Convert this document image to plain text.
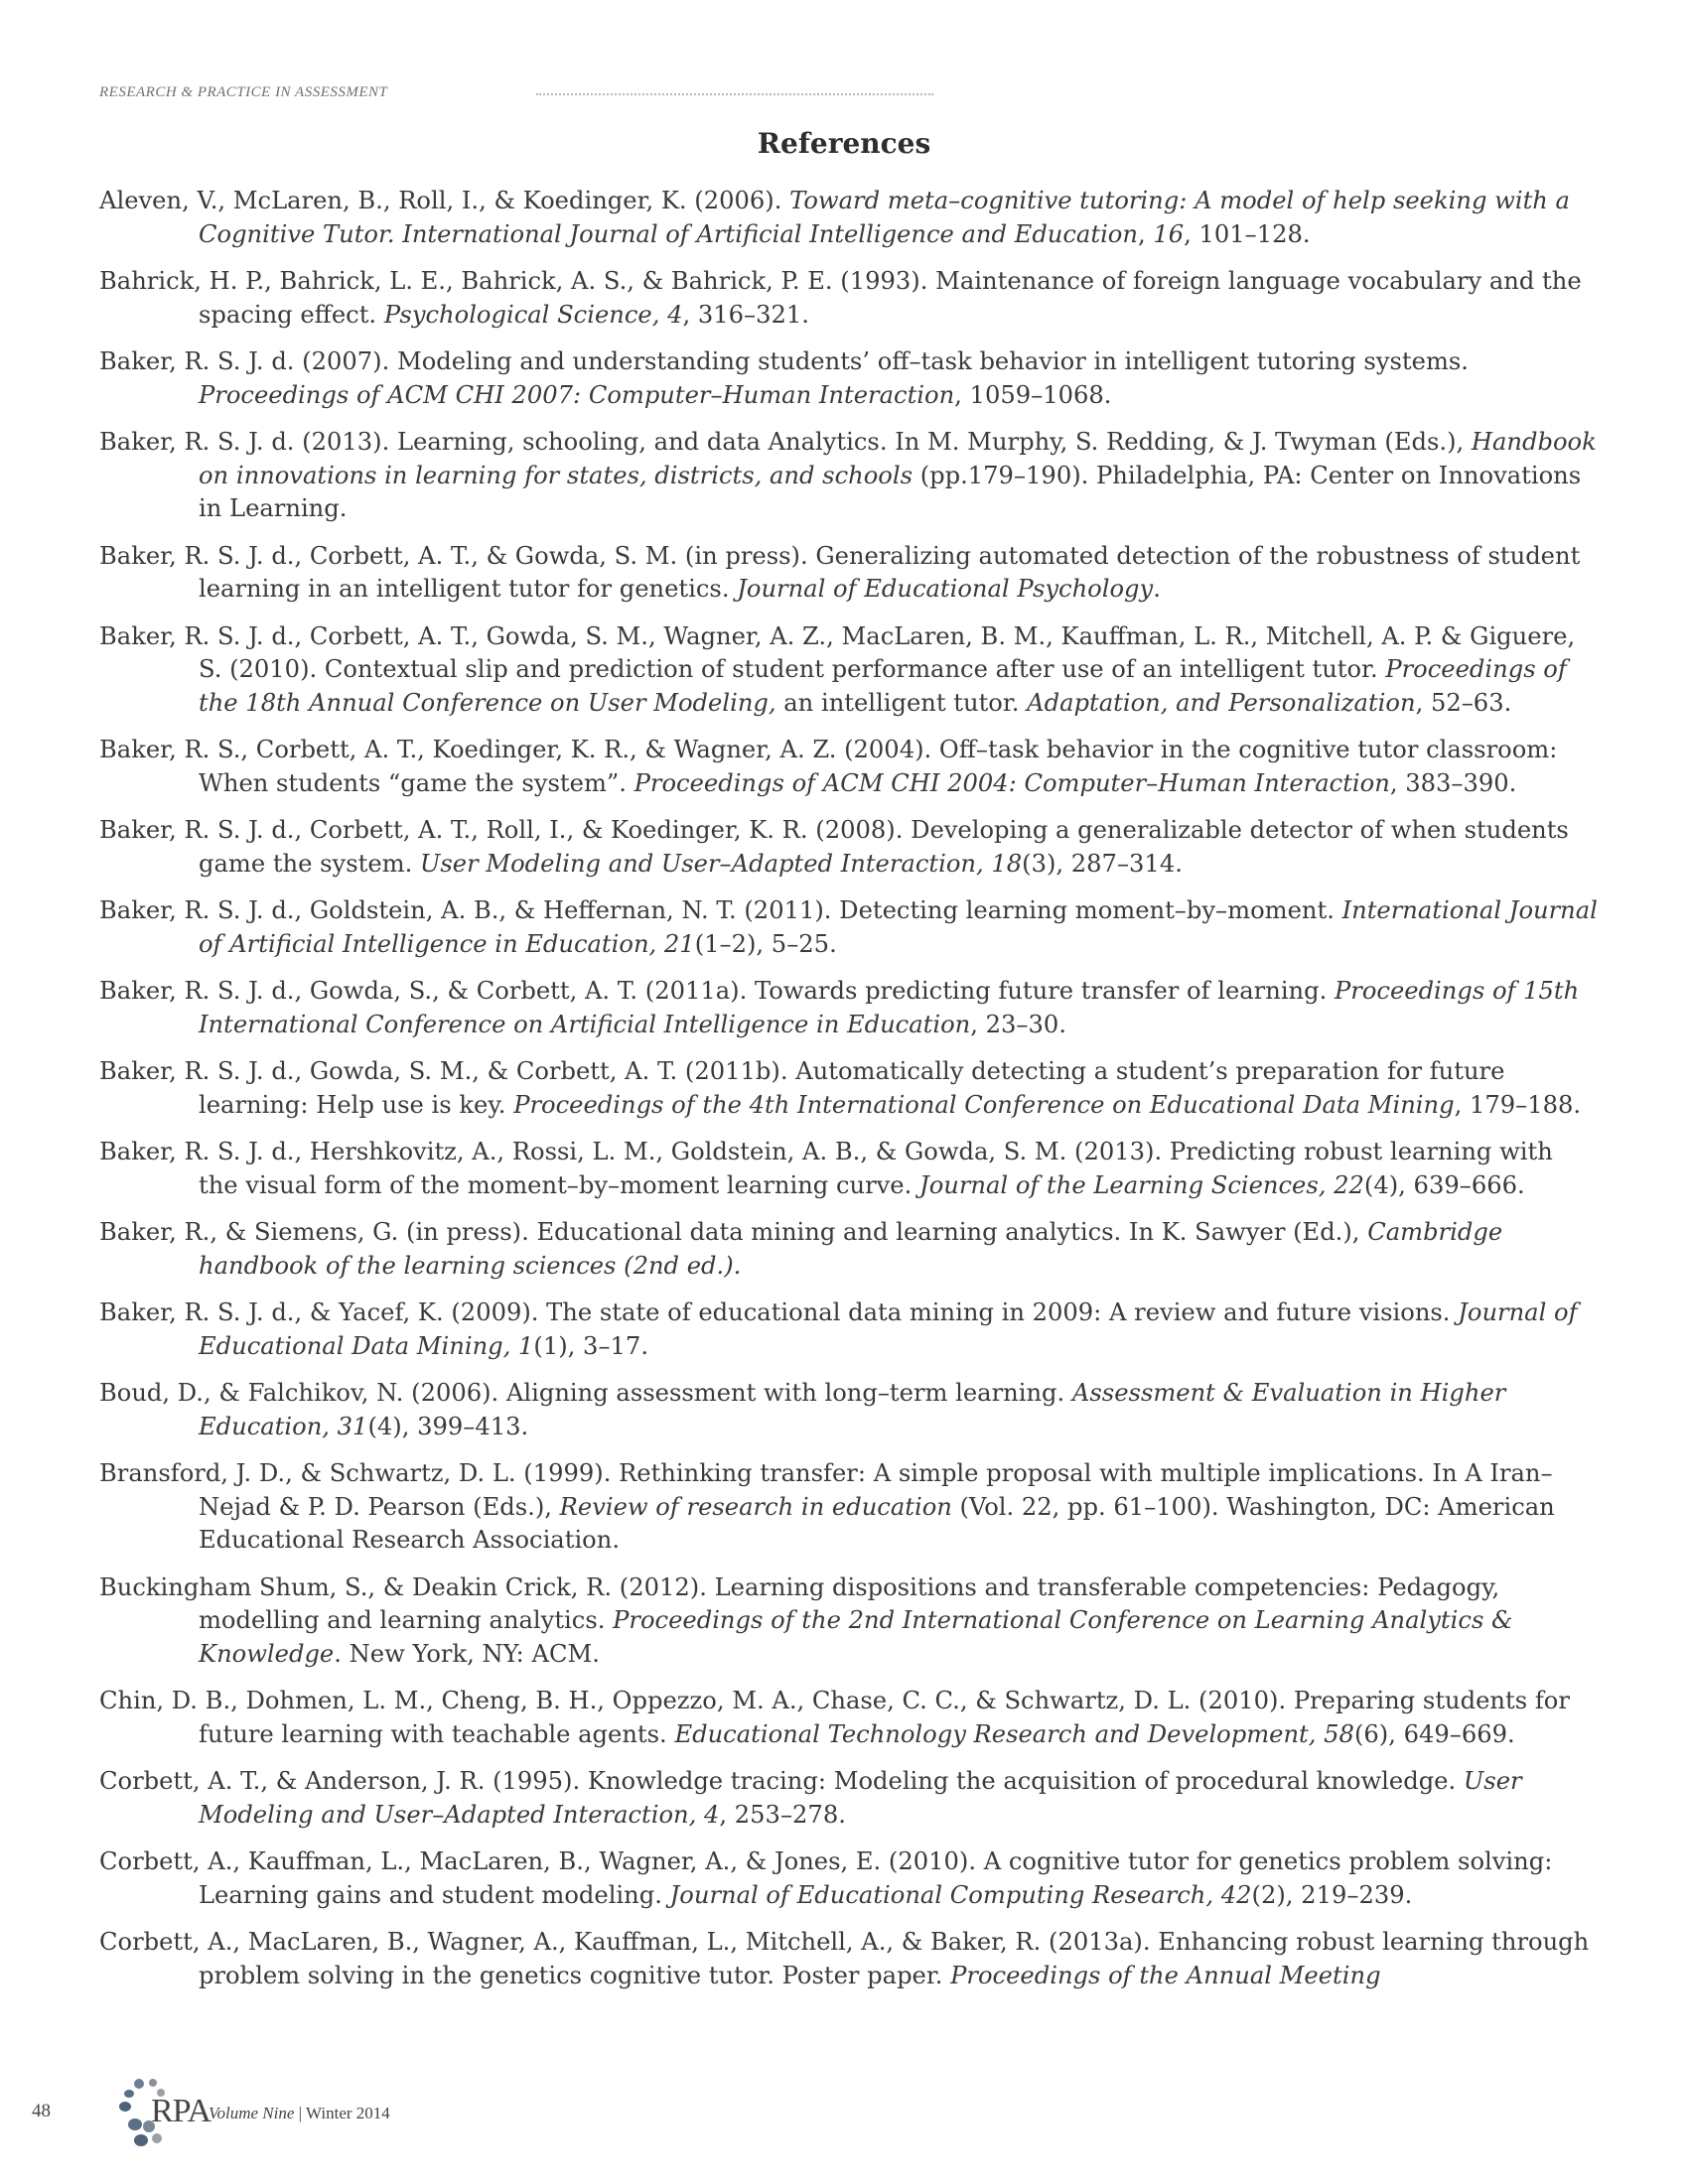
RESEARCH & PRACTICE IN ASSESSMENT
References
Aleven, V., McLaren, B., Roll, I., & Koedinger, K. (2006). Toward meta–cognitive tutoring: A model of help seeking with a Cognitive Tutor. International Journal of Artificial Intelligence and Education, 16, 101–128.
Bahrick, H. P., Bahrick, L. E., Bahrick, A. S., & Bahrick, P. E. (1993). Maintenance of foreign language vocabulary and the spacing effect. Psychological Science, 4, 316–321.
Baker, R. S. J. d. (2007). Modeling and understanding students’ off–task behavior in intelligent tutoring systems. Proceedings of ACM CHI 2007: Computer–Human Interaction, 1059–1068.
Baker, R. S. J. d. (2013). Learning, schooling, and data Analytics. In M. Murphy, S. Redding, & J. Twyman (Eds.), Handbook on innovations in learning for states, districts, and schools (pp.179–190). Philadelphia, PA: Center on Innovations in Learning.
Baker, R. S. J. d., Corbett, A. T., & Gowda, S. M. (in press). Generalizing automated detection of the robustness of student learning in an intelligent tutor for genetics. Journal of Educational Psychology.
Baker, R. S. J. d., Corbett, A. T., Gowda, S. M., Wagner, A. Z., MacLaren, B. M., Kauffman, L. R., Mitchell, A. P. & Giguere, S. (2010). Contextual slip and prediction of student performance after use of an intelligent tutor. Proceedings of the 18th Annual Conference on User Modeling, an intelligent tutor. Adaptation, and Personalization, 52–63.
Baker, R. S., Corbett, A. T., Koedinger, K. R., & Wagner, A. Z. (2004). Off–task behavior in the cognitive tutor classroom: When students “game the system”. Proceedings of ACM CHI 2004: Computer–Human Interaction, 383–390.
Baker, R. S. J. d., Corbett, A. T., Roll, I., & Koedinger, K. R. (2008). Developing a generalizable detector of when students game the system. User Modeling and User–Adapted Interaction, 18(3), 287–314.
Baker, R. S. J. d., Goldstein, A. B., & Heffernan, N. T. (2011). Detecting learning moment–by–moment. International Journal of Artificial Intelligence in Education, 21(1–2), 5–25.
Baker, R. S. J. d., Gowda, S., & Corbett, A. T. (2011a). Towards predicting future transfer of learning. Proceedings of 15th International Conference on Artificial Intelligence in Education, 23–30.
Baker, R. S. J. d., Gowda, S. M., & Corbett, A. T. (2011b). Automatically detecting a student’s preparation for future learning: Help use is key. Proceedings of the 4th International Conference on Educational Data Mining, 179–188.
Baker, R. S. J. d., Hershkovitz, A., Rossi, L. M., Goldstein, A. B., & Gowda, S. M. (2013). Predicting robust learning with the visual form of the moment–by–moment learning curve. Journal of the Learning Sciences, 22(4), 639–666.
Baker, R., & Siemens, G. (in press). Educational data mining and learning analytics. In K. Sawyer (Ed.), Cambridge handbook of the learning sciences (2nd ed.).
Baker, R. S. J. d., & Yacef, K. (2009). The state of educational data mining in 2009: A review and future visions. Journal of Educational Data Mining, 1(1), 3–17.
Boud, D., & Falchikov, N. (2006). Aligning assessment with long–term learning. Assessment & Evaluation in Higher Education, 31(4), 399–413.
Bransford, J. D., & Schwartz, D. L. (1999). Rethinking transfer: A simple proposal with multiple implications. In A Iran–Nejad & P. D. Pearson (Eds.), Review of research in education (Vol. 22, pp. 61–100). Washington, DC: American Educational Research Association.
Buckingham Shum, S., & Deakin Crick, R. (2012). Learning dispositions and transferable competencies: Pedagogy, modelling and learning analytics. Proceedings of the 2nd International Conference on Learning Analytics & Knowledge. New York, NY: ACM.
Chin, D. B., Dohmen, L. M., Cheng, B. H., Oppezzo, M. A., Chase, C. C., & Schwartz, D. L. (2010). Preparing students for future learning with teachable agents. Educational Technology Research and Development, 58(6), 649–669.
Corbett, A. T., & Anderson, J. R. (1995). Knowledge tracing: Modeling the acquisition of procedural knowledge. User Modeling and User–Adapted Interaction, 4, 253–278.
Corbett, A., Kauffman, L., MacLaren, B., Wagner, A., & Jones, E. (2010). A cognitive tutor for genetics problem solving: Learning gains and student modeling. Journal of Educational Computing Research, 42(2), 219–239.
Corbett, A., MacLaren, B., Wagner, A., Kauffman, L., Mitchell, A., & Baker, R. (2013a). Enhancing robust learning through problem solving in the genetics cognitive tutor. Poster paper. Proceedings of the Annual Meeting
48	RPA
Volume Nine | Winter 2014
